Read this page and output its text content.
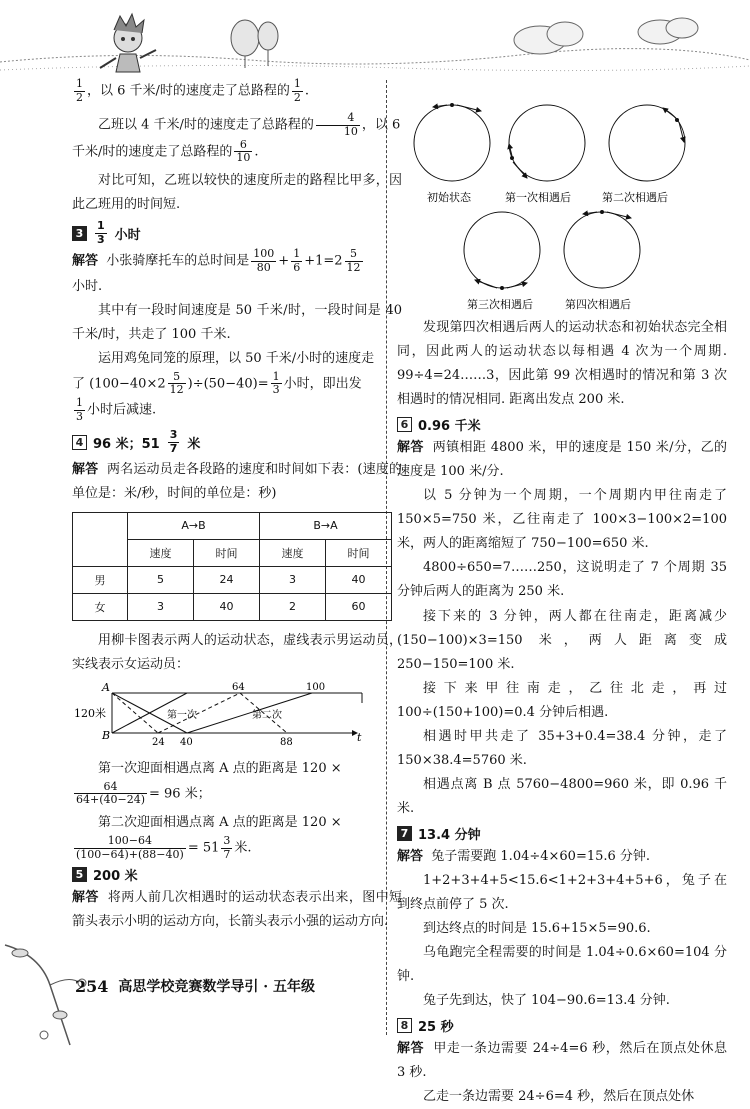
$\frac{1}{2}$ ，以 6 千米/时的速度走了总路程的 $\frac{1}{2}$ .

乙班以 4 千米/时的速度走了总路程的 $\frac{4}{10}$ ，以 6

千米/时的速度走了总路程的 $\frac{6}{10}$ .

对比可知，乙班以较快的速度所走的路程比甲多，因此乙班用的时间短.

3	$\frac{1}{3}$ 小时

解答 小张骑摩托车的总时间是 $\frac{100}{80} + \frac{1}{6} +1=2 \frac{5}{12}$

小时.

其中有一段时间速度是 50 千米/时，一段时间是 40 千米/时，共走了 100 千米.

运用鸡兔同笼的原理，以 50 千米/小时的速度走

了 $(100-40\times 2 \frac{5}{12} )\div(50-40)= \frac{1}{3}$ 小时，即出发

$\frac{1}{3}$ 小时后减速.

4 96 米；$51 \frac{3}{7}$ 米

解答 两名运动员走各段路的速度和时间如下表：(速度的单位是：米/秒，时间的单位是：秒)

	A→B		B→A	
	速度	时间	速度	时间
男	5	24	3	40
女	3	40	2	60

用柳卡图表示两人的运动状态，虚线表示男运动员，实线表示女运动员：

A
B
120米
t
64	100
24 40	88
第一次	第二次

第一次迎面相遇点离 A 点的距离是 120 ×

$\frac{64}{64+(40-24)} = 96$ 米；

第二次迎面相遇点离 A 点的距离是 120 ×

$\frac{100-64}{(100-64)+(88-40)} = 51 \frac{3}{7}$ 米.

5 200 米

解答 将两人前几次相遇时的运动状态表示出来，图中短箭头表示小明的运动方向，长箭头表示小强的运动方向.

初始状态	第一次相遇后	第二次相遇后
第三次相遇后	第四次相遇后

发现第四次相遇后两人的运动状态和初始状态完全相同，因此两人的运动状态以每相遇 4 次为一个周期. 99÷4=24……3，因此第 99 次相遇时的情况和第 3 次相遇时的情况相同. 距离出发点 200 米.

6 0.96 千米

解答 两镇相距 4800 米，甲的速度是 150 米/分，乙的速度是 100 米/分.

以 5 分钟为一个周期，一个周期内甲往南走了 150×5=750 米，乙往南走了 100×3−100×2=100 米，两人的距离缩短了 750−100=650 米.

4800÷650=7……250，这说明走了 7 个周期 35 分钟后两人的距离为 250 米.

接下来的 3 分钟，两人都在往南走，距离减少 (150−100)×3=150 米，两人距离变成 250−150=100 米.

接下来甲往南走，乙往北走，再过 100÷(150+100)=0.4 分钟后相遇.

相遇时甲共走了 35+3+0.4=38.4 分钟，走了 150×38.4=5760 米.

相遇点离 B 点 5760−4800=960 米，即 0.96 千米.

7 13.4 分钟

解答 兔子需要跑 1.04÷4×60=15.6 分钟.

1+2+3+4+5<15.6<1+2+3+4+5+6，兔子在到终点前停了 5 次.

到达终点的时间是 15.6+15×5=90.6.

乌龟跑完全程需要的时间是 1.04÷0.6×60=104 分钟.

兔子先到达，快了 104−90.6=13.4 分钟.

8 25 秒

解答 甲走一条边需要 24÷4=6 秒，然后在顶点处休息 3 秒.

乙走一条边需要 24÷6=4 秒，然后在顶点处休

254 高思学校竞赛数学导引 · 五年级
